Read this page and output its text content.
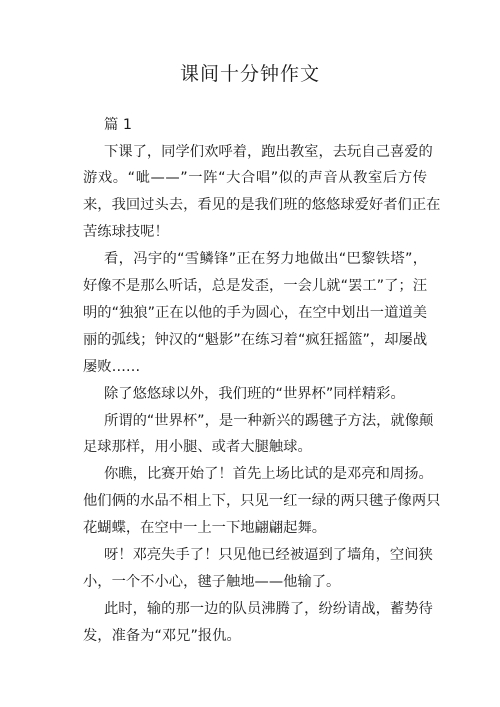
课间十分钟作文
篇 1
下课了，同学们欢呼着，跑出教室，去玩自己喜爱的
游戏。“呲——”一阵“大合唱”似的声音从教室后方传
来，我回过头去，看见的是我们班的悠悠球爱好者们正在
苦练球技呢！
看，冯宇的“雪鳞锋”正在努力地做出“巴黎铁塔”，
好像不是那么听话，总是发歪，一会儿就“罢工”了；汪
明的“独狼”正在以他的手为圆心，在空中划出一道道美
丽的弧线；钟汉的“魁影”在练习着“疯狂摇篮”，却屡战
屡败……
除了悠悠球以外，我们班的“世界杯”同样精彩。
所谓的“世界杯”，是一种新兴的踢毽子方法，就像颠
足球那样，用小腿、或者大腿触球。
你瞧，比赛开始了！首先上场比试的是邓亮和周扬。
他们俩的水品不相上下，只见一红一绿的两只毽子像两只
花蝴蝶，在空中一上一下地翩翩起舞。
呀！邓亮失手了！只见他已经被逼到了墙角，空间狭
小，一个不小心，毽子触地——他输了。
此时，输的那一边的队员沸腾了，纷纷请战，蓄势待
发，准备为“邓兄”报仇。
